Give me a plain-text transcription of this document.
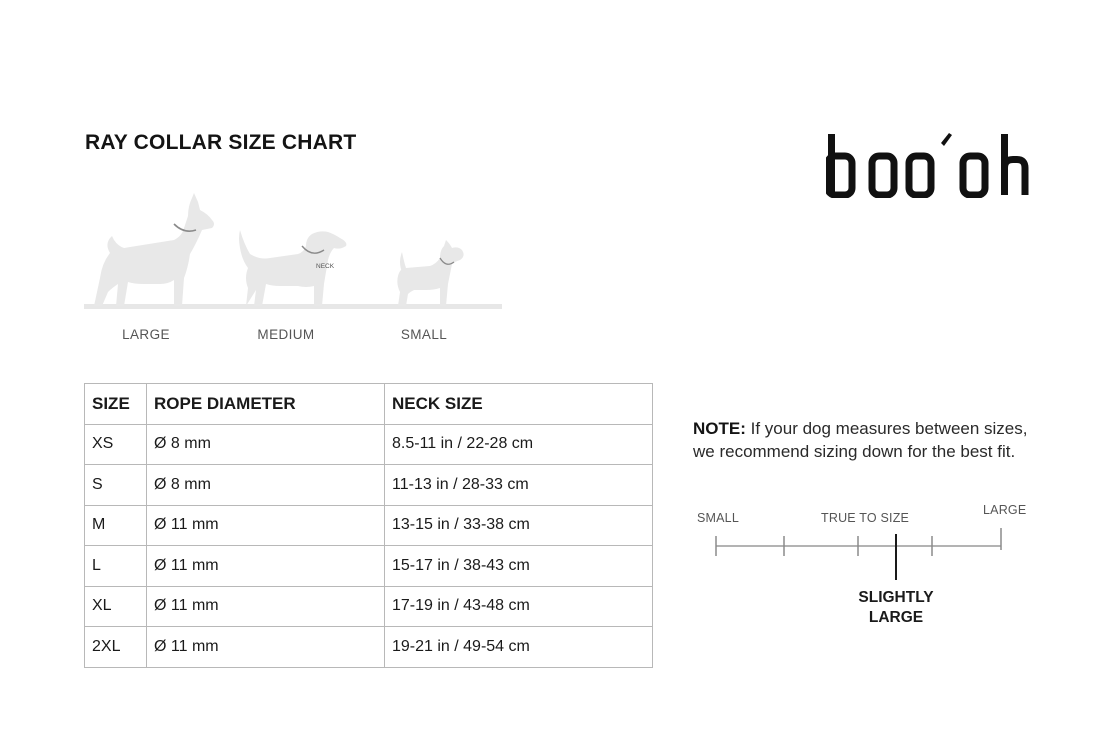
RAY COLLAR SIZE CHART
NECK
LARGE	MEDIUM	SMALL
SIZE	ROPE DIAMETER	NECK SIZE
XS	Ø 8 mm	8.5-11 in / 22-28 cm
S	Ø 8 mm	11-13 in / 28-33 cm
M	Ø 11 mm	13-15 in / 33-38 cm
L	Ø 11 mm	15-17 in / 38-43 cm
XL	Ø 11 mm	17-19 in / 43-48 cm
2XL	Ø 11 mm	19-21 in / 49-54 cm
NOTE: If your dog measures between sizes, we recommend sizing down for the best fit.
SMALL	TRUE TO SIZE
LARGE
SLIGHTLY
LARGE
